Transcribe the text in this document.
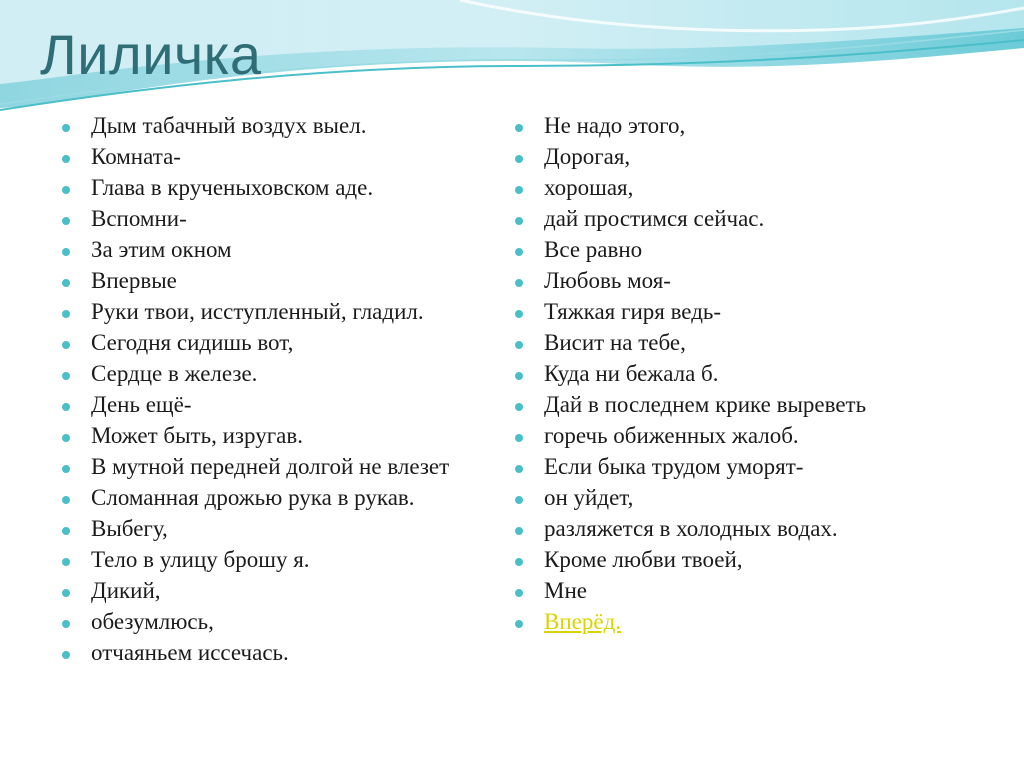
Лиличка
Дым табачный воздух выел.
Комната-
Глава в крученыховском аде.
Вспомни-
За этим окном
Впервые
Руки твои, исступленный, гладил.
Сегодня сидишь вот,
Сердце в железе.
День ещё-
Может быть, изругав.
В мутной передней долгой не влезет
Сломанная дрожью рука в рукав.
Выбегу,
Тело в улицу брошу я.
Дикий,
обезумлюсь,
отчаяньем иссечась.
Не надо этого,
Дорогая,
хорошая,
дай простимся сейчас.
Все равно
Любовь моя-
Тяжкая гиря ведь-
Висит на тебе,
Куда ни бежала б.
Дай в последнем крике выреветь
горечь обиженных жалоб.
Если быка трудом уморят-
он уйдет,
разляжется в холодных водах.
Кроме любви твоей,
Мне
Вперёд.
